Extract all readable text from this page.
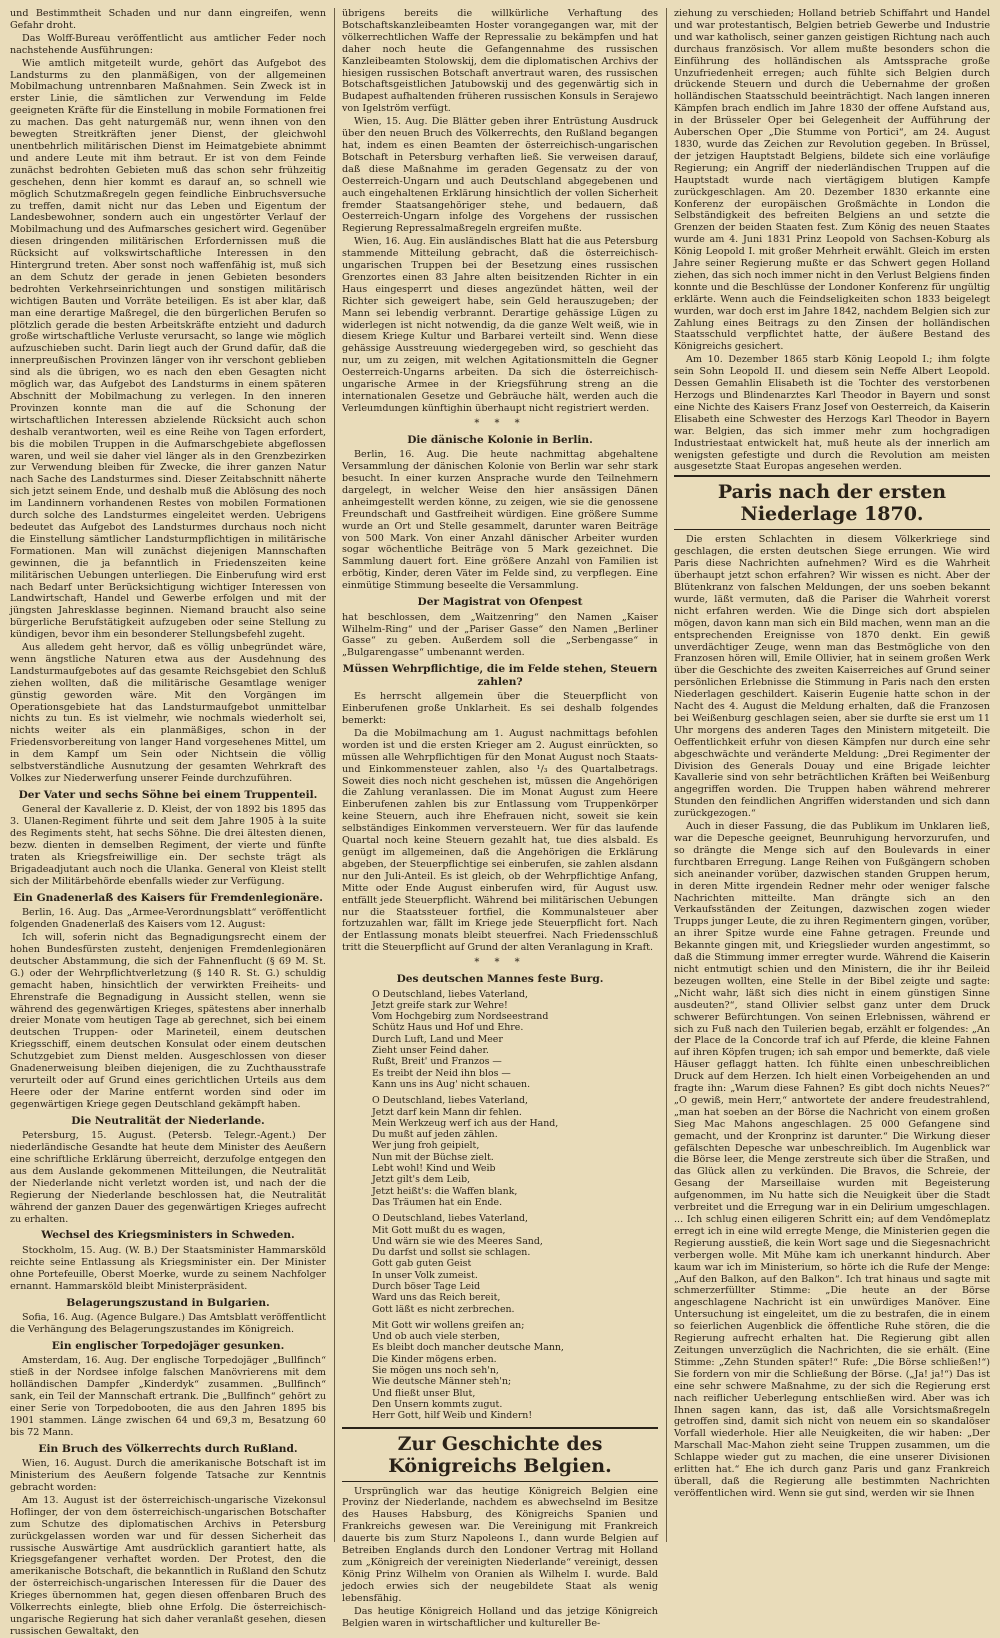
und Bestimmtheit Schaden und nur dann eingreifen, wenn Gefahr droht.

Das Wolff-Bureau veröffentlicht aus amtlicher Feder noch nachstehende Ausführungen:

Wie amtlich mitgeteilt wurde, gehört das Aufgebot des Landsturms zu den planmäßigen, von der allgemeinen Mobilmachung untrennbaren Maßnahmen. Sein Zweck ist in erster Linie, die sämtlichen zur Verwendung im Felde geeigneten Kräfte für die Einstellung in mobile Formationen frei zu machen. Das geht naturgemäß nur, wenn ihnen von den bewegten Streitkräften jener Dienst, der gleichwohl unentbehrlich militärischen Dienst im Heimatgebiete abnimmt und andere Leute mit ihm betraut. Er ist von dem Feinde zunächst bedrohten Gebieten muß das schon sehr frühzeitig geschehen, denn hier kommt es darauf an, so schnell wie möglich Schutzmaßregeln gegen feindliche Einbruchsversuche zu treffen, damit nicht nur das Leben und Eigentum der Landesbewohner, sondern auch ein ungestörter Verlauf der Mobilmachung und des Aufmarsches gesichert wird. Gegenüber diesen dringenden militärischen Erfordernissen muß die Rücksicht auf volkswirtschaftliche Interessen in den Hintergrund treten. Aber sonst noch waffenfähig ist, muß sich an dem Schutz der gerade in jenen Gebieten besonders bedrohten Verkehrseinrichtungen und sonstigen militärisch wichtigen Bauten und Vorräte beteiligen. Es ist aber klar, daß man eine derartige Maßregel, die den bürgerlichen Berufen so plötzlich gerade die besten Arbeitskräfte entzieht und dadurch große wirtschaftliche Verluste verursacht, so lange wie möglich aufzuschieben sucht. Darin liegt auch der Grund dafür, daß die innerpreußischen Provinzen länger von ihr verschont geblieben sind als die übrigen, wo es nach den eben Gesagten nicht möglich war, das Aufgebot des Landsturms in einem späteren Abschnitt der Mobilmachung zu verlegen. In den inneren Provinzen konnte man die auf die Schonung der wirtschaftlichen Interessen abzielende Rücksicht auch schon deshalb verantworten, weil es eine Reihe von Tagen erfordert, bis die mobilen Truppen in die Aufmarschgebiete abgeflossen waren, und weil sie daher viel länger als in den Grenzbezirken zur Verwendung bleiben für Zwecke, die ihrer ganzen Natur nach Sache des Landsturmes sind. Dieser Zeitabschnitt näherte sich jetzt seinem Ende, und deshalb muß die Ablösung des noch im Landinnern vorhandenen Restes von mobilen Formationen durch solche des Landsturmes eingeleitet werden. Uebrigens bedeutet das Aufgebot des Landsturmes durchaus noch nicht die Einstellung sämtlicher Landsturmpflichtigen in militärische Formationen. Man will zunächst diejenigen Mannschaften gewinnen, die ja befanntlich in Friedenszeiten keine militärischen Uebungen unterliegen. Die Einberufung wird erst nach Bedarf unter Berücksichtigung wichtiger Interessen von Landwirtschaft, Handel und Gewerbe erfolgen und mit der jüngsten Jahresklasse beginnen. Niemand braucht also seine bürgerliche Berufstätigkeit aufzugeben oder seine Stellung zu kündigen, bevor ihm ein besonderer Stellungsbefehl zugeht.

Aus alledem geht hervor, daß es völlig unbegründet wäre, wenn ängstliche Naturen etwa aus der Ausdehnung des Landsturmaufgebotes auf das gesamte Reichsgebiet den Schluß ziehen wollten, daß die militärische Gesamtlage weniger günstig geworden wäre. Mit den Vorgängen im Operationsgebiete hat das Landsturmaufgebot unmittelbar nichts zu tun. Es ist vielmehr, wie nochmals wiederholt sei, nichts weiter als ein planmäßiges, schon in der Friedensvorbereitung von langer Hand vorgesehenes Mittel, um in dem Kampf um Sein oder Nichtsein die völlig selbstverständliche Ausnutzung der gesamten Wehrkraft des Volkes zur Niederwerfung unserer Feinde durchzuführen.

Der Vater und sechs Söhne bei einem Truppenteil.

General der Kavallerie z. D. Kleist, der von 1892 bis 1895 das 3. Ulanen-Regiment führte und seit dem Jahre 1905 à la suite des Regiments steht, hat sechs Söhne. Die drei ältesten dienen, bezw. dienten in demselben Regiment, der vierte und fünfte traten als Kriegsfreiwillige ein. Der sechste trägt als Brigadeadjutant auch noch die Ulanka. General von Kleist stellt sich der Militärbehörde ebenfalls wieder zur Verfügung.

Ein Gnadenerlaß des Kaisers für Fremdenlegionäre.

Berlin, 16. Aug. Das „Armee-Verordnungsblatt“ veröffentlicht folgenden Gnadenerlaß des Kaisers vom 12. August:

Ich will, soferin nicht das Begnadigungsrecht einem der hohen Bundesfürsten zusteht, denjenigen Fremdenlegionären deutscher Abstammung, die sich der Fahnenflucht (§ 69 M. St. G.) oder der Wehrpflichtverletzung (§ 140 R. St. G.) schuldig gemacht haben, hinsichtlich der verwirkten Freiheits- und Ehrenstrafe die Begnadigung in Aussicht stellen, wenn sie während des gegenwärtigen Krieges, spätestens aber innerhalb dreier Monate vom heutigen Tage ab gerechnet, sich bei einem deutschen Truppen- oder Marineteil, einem deutschen Kriegsschiff, einem deutschen Konsulat oder einem deutschen Schutzgebiet zum Dienst melden. Ausgeschlossen von dieser Gnadenerweisung bleiben diejenigen, die zu Zuchthausstrafe verurteilt oder auf Grund eines gerichtlichen Urteils aus dem Heere oder der Marine entfernt worden sind oder im gegenwärtigen Kriege gegen Deutschland gekämpft haben.

Die Neutralität der Niederlande.

Petersburg, 15. August. (Petersb. Telegr.-Agent.) Der niederländische Gesandte hat heute dem Minister des Aeußern eine schriftliche Erklärung überreicht, derzufolge entgegen den aus dem Auslande gekommenen Mitteilungen, die Neutralität der Niederlande nicht verletzt worden ist, und nach der die Regierung der Niederlande beschlossen hat, die Neutralität während der ganzen Dauer des gegenwärtigen Krieges aufrecht zu erhalten.

Wechsel des Kriegsministers in Schweden.

Stockholm, 15. Aug. (W. B.) Der Staatsminister Hammarsköld reichte seine Entlassung als Kriegsminister ein. Der Minister ohne Portefeuille, Oberst Moerke, wurde zu seinem Nachfolger ernannt. Hammarsköld bleibt Ministerpräsident.

Belagerungszustand in Bulgarien.

Sofia, 16. Aug. (Agence Bulgare.) Das Amtsblatt veröffentlicht die Verhängung des Belagerungszustandes im Königreich.

Ein englischer Torpedojäger gesunken.

Amsterdam, 16. Aug. Der englische Torpedojäger „Bullfinch“ stieß in der Nordsee infolge falschen Manövrierens mit dem holländischen Dampfer „Kinderdyk“ zusammen. „Bullfinch“ sank, ein Teil der Mannschaft ertrank. Die „Bullfinch“ gehört zu einer Serie von Torpedobooten, die aus den Jahren 1895 bis 1901 stammen. Länge zwischen 64 und 69,3 m, Besatzung 60 bis 72 Mann.

Ein Bruch des Völkerrechts durch Rußland.

Wien, 16. August. Durch die amerikanische Botschaft ist im Ministerium des Aeußern folgende Tatsache zur Kenntnis gebracht worden:

Am 13. August ist der österreichisch-ungarische Vizekonsul Hoflinger, der von dem österreichisch-ungarischen Botschafter zum Schutze des diplomatischen Archivs in Petersburg zurückgelassen worden war und für dessen Sicherheit das russische Auswärtige Amt ausdrücklich garantiert hatte, als Kriegsgefangener verhaftet worden. Der Protest, den die amerikanische Botschaft, die bekanntlich in Rußland den Schutz der österreichisch-ungarischen Interessen für die Dauer des Krieges übernommen hat, gegen diesen offenbaren Bruch des Völkerrechts einlegte, blieb ohne Erfolg. Die österreichisch-ungarische Regierung hat sich daher veranlaßt gesehen, diesen russischen Gewaltakt, den

übrigens bereits die willkürliche Verhaftung des Botschaftskanzleibeamten Hoster vorangegangen war, mit der völkerrechtlichen Waffe der Repressalie zu bekämpfen und hat daher noch heute die Gefangennahme des russischen Kanzleibeamten Stolowskij, dem die diplomatischen Archivs der hiesigen russischen Botschaft anvertraut waren, des russischen Botschaftsgeistlichen Jatubowskij und des gegenwärtig sich in Budapest aufhaltenden früheren russischen Konsuls in Serajewo von Igelström verfügt.

Wien, 15. Aug. Die Blätter geben ihrer Entrüstung Ausdruck über den neuen Bruch des Völkerrechts, den Rußland begangen hat, indem es einen Beamten der österreichisch-ungarischen Botschaft in Petersburg verhaften ließ. Sie verweisen darauf, daß diese Maßnahme im geraden Gegensatz zu der von Oesterreich-Ungarn und auch Deutschland abgegebenen und auch eingehaltenen Erklärung hinsichtlich der vollen Sicherheit fremder Staatsangehöriger stehe, und bedauern, daß Oesterreich-Ungarn infolge des Vorgehens der russischen Regierung Repressalmaßregeln ergreifen mußte.

Wien, 16. Aug. Ein ausländisches Blatt hat die aus Petersburg stammende Mitteilung gebracht, daß die österreichisch-ungarischen Truppen bei der Besetzung eines russischen Grenzortes einen 83 Jahre alten beisitzenden Richter in ein Haus eingesperrt und dieses angezündet hätten, weil der Richter sich geweigert habe, sein Geld herauszugeben; der Mann sei lebendig verbrannt. Derartige gehässige Lügen zu widerlegen ist nicht notwendig, da die ganze Welt weiß, wie in diesem Kriege Kultur und Barbarei verteilt sind. Wenn diese gehässige Ausstreuung wiedergegeben wird, so geschieht das nur, um zu zeigen, mit welchen Agitationsmitteln die Gegner Oesterreich-Ungarns arbeiten. Da sich die österreichisch-ungarische Armee in der Kriegsführung streng an die internationalen Gesetze und Gebräuche hält, werden auch die Verleumdungen künftighin überhaupt nicht registriert werden.

* * *
Die dänische Kolonie in Berlin.

Berlin, 16. Aug. Die heute nachmittag abgehaltene Versammlung der dänischen Kolonie von Berlin war sehr stark besucht. In einer kurzen Ansprache wurde den Teilnehmern dargelegt, in welcher Weise den hier ansässigen Dänen anheimgestellt werden könne, zu zeigen, wie sie die genossene Freundschaft und Gastfreiheit würdigen. Eine größere Summe wurde an Ort und Stelle gesammelt, darunter waren Beiträge von 500 Mark. Von einer Anzahl dänischer Arbeiter wurden sogar wöchentliche Beiträge von 5 Mark gezeichnet. Die Sammlung dauert fort. Eine größere Anzahl von Familien ist erbötig, Kinder, deren Väter im Felde sind, zu verpflegen. Eine einmütige Stimmung beseelte die Versammlung.

Der Magistrat von Ofenpest

hat beschlossen, dem „Waitzenring“ den Namen „Kaiser Wilhelm-Ring“ und der „Pariser Gasse“ den Namen „Berliner Gasse“ zu geben. Außerdem soll die „Serbengasse“ in „Bulgarengasse“ umbenannt werden.

Müssen Wehrpflichtige, die im Felde stehen, Steuern zahlen?

Es herrscht allgemein über die Steuerpflicht von Einberufenen große Unklarheit. Es sei deshalb folgendes bemerkt:

Da die Mobilmachung am 1. August nachmittags befohlen worden ist und die ersten Krieger am 2. August einrückten, so müssen alle Wehrpflichtigen für den Monat August noch Staats- und Einkommensteuer zahlen, also ¹/₃ des Quartalbetrags. Soweit dies noch nicht geschehen ist, müssen die Angehörigen die Zahlung veranlassen. Die im Monat August zum Heere Einberufenen zahlen bis zur Entlassung vom Truppenkörper keine Steuern, auch ihre Ehefrauen nicht, soweit sie kein selbständiges Einkommen verversteuern. Wer für das laufende Quartal noch keine Steuern gezahlt hat, tue dies alsbald. Es genügt im allgemeinen, daß die Angehörigen die Erklärung abgeben, der Steuerpflichtige sei einberufen, sie zahlen alsdann nur den Juli-Anteil. Es ist gleich, ob der Wehrpflichtige Anfang, Mitte oder Ende August einberufen wird, für August usw. entfällt jede Steuerpflicht. Während bei militärischen Uebungen nur die Staatssteuer fortfiel, die Kommunalsteuer aber fortzuzahlen war, fällt im Kriege jede Steuerpflicht fort. Nach der Entlassung monats bleibt steuerfrei. Nach Friedensschluß tritt die Steuerpflicht auf Grund der alten Veranlagung in Kraft.

* * *
Des deutschen Mannes feste Burg.
O Deutschland, liebes Vaterland,
Jetzt greife stark zur Wehre!
Vom Hochgebirg zum Nordseestrand
Schütz Haus und Hof und Ehre.
Durch Luft, Land und Meer
Zieht unser Feind daher.
Rußt, Breit' und Franzos —
Es treibt der Neid ihn blos —
Kann uns ins Aug' nicht schauen.
O Deutschland, liebes Vaterland,
Jetzt darf kein Mann dir fehlen.
Mein Werkzeug werf ich aus der Hand,
Du mußt auf jeden zählen.
Wer jung froh geipielt,
Nun mit der Büchse zielt.
Lebt wohl! Kind und Weib
Jetzt gilt's dem Leib,
Jetzt heißt's: die Waffen blank,
Das Träumen hat ein Ende.
O Deutschland, liebes Vaterland,
Mit Gott mußt du es wagen,
Und wärn sie wie des Meeres Sand,
Du darfst und sollst sie schlagen.
Gott gab guten Geist
In unser Volk zumeist.
Durch böser Tage Leid
Ward uns das Reich bereit,
Gott läßt es nicht zerbrechen.
Mit Gott wir wollens greifen an;
Und ob auch viele sterben,
Es bleibt doch mancher deutsche Mann,
Die Kinder mögens erben.
Sie mögen uns noch seh'n,
Wie deutsche Männer steh'n;
Und fließt unser Blut,
Den Unsern kommts zugut.
Herr Gott, hilf Weib und Kindern!
Zur Geschichte des Königreichs Belgien.

Ursprünglich war das heutige Königreich Belgien eine Provinz der Niederlande, nachdem es abwechselnd im Besitze des Hauses Habsburg, des Königreichs Spanien und Frankreichs gewesen war. Die Vereinigung mit Frankreich dauerte bis zum Sturz Napoleons I., dann wurde Belgien auf Betreiben Englands durch den Londoner Vertrag mit Holland zum „Königreich der vereinigten Niederlande“ vereinigt, dessen König Prinz Wilhelm von Oranien als Wilhelm I. wurde. Bald jedoch erwies sich der neugebildete Staat als wenig lebensfähig.

Das heutige Königreich Holland und das jetzige Königreich Belgien waren in wirtschaftlicher und kultureller Be-

ziehung zu verschieden; Holland betrieb Schiffahrt und Handel und war protestantisch, Belgien betrieb Gewerbe und Industrie und war katholisch, seiner ganzen geistigen Richtung nach auch durchaus französisch. Vor allem mußte besonders schon die Einführung des holländischen als Amtssprache große Unzufriedenheit erregen; auch fühlte sich Belgien durch drückende Steuern und durch die Uebernahme der großen holländischen Staatsschuld beeinträchtigt. Nach langen inneren Kämpfen brach endlich im Jahre 1830 der offene Aufstand aus, in der Brüsseler Oper bei Gelegenheit der Aufführung der Auberschen Oper „Die Stumme von Portici“, am 24. August 1830, wurde das Zeichen zur Revolution gegeben. In Brüssel, der jetzigen Hauptstadt Belgiens, bildete sich eine vorläufige Regierung; ein Angriff der niederländischen Truppen auf die Hauptstadt wurde nach viertägigem blutigen Kampfe zurückgeschlagen. Am 20. Dezember 1830 erkannte eine Konferenz der europäischen Großmächte in London die Selbständigkeit des befreiten Belgiens an und setzte die Grenzen der beiden Staaten fest. Zum König des neuen Staates wurde am 4. Juni 1831 Prinz Leopold von Sachsen-Koburg als König Leopold I. mit großer Mehrheit erwählt. Gleich im ersten Jahre seiner Regierung mußte er das Schwert gegen Holland ziehen, das sich noch immer nicht in den Verlust Belgiens finden konnte und die Beschlüsse der Londoner Konferenz für ungültig erklärte. Wenn auch die Feindseligkeiten schon 1833 beigelegt wurden, war doch erst im Jahre 1842, nachdem Belgien sich zur Zahlung eines Beitrags zu den Zinsen der holländischen Staatsschuld verpflichtet hatte, der äußere Bestand des Königreichs gesichert.

Am 10. Dezember 1865 starb König Leopold I.; ihm folgte sein Sohn Leopold II. und diesem sein Neffe Albert Leopold. Dessen Gemahlin Elisabeth ist die Tochter des verstorbenen Herzogs und Blindenarztes Karl Theodor in Bayern und sonst eine Nichte des Kaisers Franz Josef von Oesterreich, da Kaiserin Elisabeth eine Schwester des Herzogs Karl Theodor in Bayern war. Belgien, das sich immer mehr zum hochgradigen Industriestaat entwickelt hat, muß heute als der innerlich am wenigsten gefestigte und durch die Revolution am meisten ausgesetzte Staat Europas angesehen werden.

Paris nach der ersten Niederlage 1870.

Die ersten Schlachten in diesem Völkerkriege sind geschlagen, die ersten deutschen Siege errungen. Wie wird Paris diese Nachrichten aufnehmen? Wird es die Wahrheit überhaupt jetzt schon erfahren? Wir wissen es nicht. Aber der Blütenkranz von falschen Meldungen, der uns soeben bekannt wurde, läßt vermuten, daß die Pariser die Wahrheit vorerst nicht erfahren werden. Wie die Dinge sich dort abspielen mögen, davon kann man sich ein Bild machen, wenn man an die entsprechenden Ereignisse von 1870 denkt. Ein gewiß unverdächtiger Zeuge, wenn man das Bestmögliche von den Franzosen hören will, Emile Ollivier, hat in seinem großen Werk über die Geschichte des zweiten Kaiserreiches auf Grund seiner persönlichen Erlebnisse die Stimmung in Paris nach den ersten Niederlagen geschildert. Kaiserin Eugenie hatte schon in der Nacht des 4. August die Meldung erhalten, daß die Franzosen bei Weißenburg geschlagen seien, aber sie durfte sie erst um 11 Uhr morgens des anderen Tages den Ministern mitgeteilt. Die Oeffentlichkeit erfuhr von diesen Kämpfen nur durch eine sehr abgeschwächte und veränderte Meldung: „Drei Regimenter der Division des Generals Douay und eine Brigade leichter Kavallerie sind von sehr beträchtlichen Kräften bei Weißenburg angegriffen worden. Die Truppen haben während mehrerer Stunden den feindlichen Angriffen widerstanden und sich dann zurückgezogen.“

Auch in dieser Fassung, die das Publikum im Unklaren ließ, war die Depesche geeignet, Beunruhigung hervorzurufen, und so drängte die Menge sich auf den Boulevards in einer furchtbaren Erregung. Lange Reihen von Fußgängern schoben sich aneinander vorüber, dazwischen standen Gruppen herum, in deren Mitte irgendein Redner mehr oder weniger falsche Nachrichten mitteilte. Man drängte sich an den Verkaufsständen der Zeitungen, dazwischen zogen wieder Trupps junger Leute, die zu ihren Regimentern gingen, vorüber, an ihrer Spitze wurde eine Fahne getragen. Freunde und Bekannte gingen mit, und Kriegslieder wurden angestimmt, so daß die Stimmung immer erregter wurde. Während die Kaiserin nicht entmutigt schien und den Ministern, die ihr ihr Beileid bezeugen wollten, eine Stelle in der Bibel zeigte und sagte: „Nicht wahr, läßt sich dies nicht in einem günstigen Sinne ausdeuten?“, stand Ollivier selbst ganz unter dem Druck schwerer Befürchtungen. Von seinen Erlebnissen, während er sich zu Fuß nach den Tuilerien begab, erzählt er folgendes: „An der Place de la Concorde traf ich auf Pferde, die kleine Fahnen auf ihren Köpfen trugen; ich sah empor und bemerkte, daß viele Häuser geflaggt hatten. Ich fühlte einen unbeschreiblichen Druck auf dem Herzen. Ich hielt einen Vorbeigehenden an und fragte ihn: „Warum diese Fahnen? Es gibt doch nichts Neues?“ „O gewiß, mein Herr,“ antwortete der andere freudestrahlend, „man hat soeben an der Börse die Nachricht von einem großen Sieg Mac Mahons angeschlagen. 25 000 Gefangene sind gemacht, und der Kronprinz ist darunter.“ Die Wirkung dieser gefälschten Depesche war unbeschreiblich. Im Augenblick war die Börse leer, die Menge zerstreute sich über die Straßen, und das Glück allen zu verkünden. Die Bravos, die Schreie, der Gesang der Marseillaise wurden mit Begeisterung aufgenommen, im Nu hatte sich die Neuigkeit über die Stadt verbreitet und die Erregung war in ein Delirium umgeschlagen. ... Ich schlug einen eiligeren Schritt ein; auf dem Vendômeplatz erregt ich in eine wild erregte Menge, die Ministerien gegen die Regierung ausstieß, die kein Wort sage und die Siegesnachricht verbergen wolle. Mit Mühe kam ich unerkannt hindurch. Aber kaum war ich im Ministerium, so hörte ich die Rufe der Menge: „Auf den Balkon, auf den Balkon“. Ich trat hinaus und sagte mit schmerzerfüllter Stimme: „Die heute an der Börse angeschlagene Nachricht ist ein unwürdiges Manöver. Eine Untersuchung ist eingeleitet, um die zu bestrafen, die in einem so feierlichen Augenblick die öffentliche Ruhe stören, die die Regierung aufrecht erhalten hat. Die Regierung gibt allen Zeitungen unverzüglich die Nachrichten, die sie erhält. (Eine Stimme: „Zehn Stunden später!“ Rufe: „Die Börse schließen!“) Sie fordern von mir die Schließung der Börse. („Ja! ja!“) Das ist eine sehr schwere Maßnahme, zu der sich die Regierung erst nach reiflicher Ueberlegung entschließen wird. Aber was ich Ihnen sagen kann, das ist, daß alle Vorsichtsmaßregeln getroffen sind, damit sich nicht von neuem ein so skandalöser Vorfall wiederhole. Hier alle Neuigkeiten, die wir haben: „Der Marschall Mac-Mahon zieht seine Truppen zusammen, um die Schlappe wieder gut zu machen, die eine unserer Divisionen erlitten hat.“ Ehe ich durch ganz Paris und ganz Frankreich überall, daß die Regierung alle bestimmten Nachrichten veröffentlichen wird. Wenn sie gut sind, werden wir sie Ihnen
